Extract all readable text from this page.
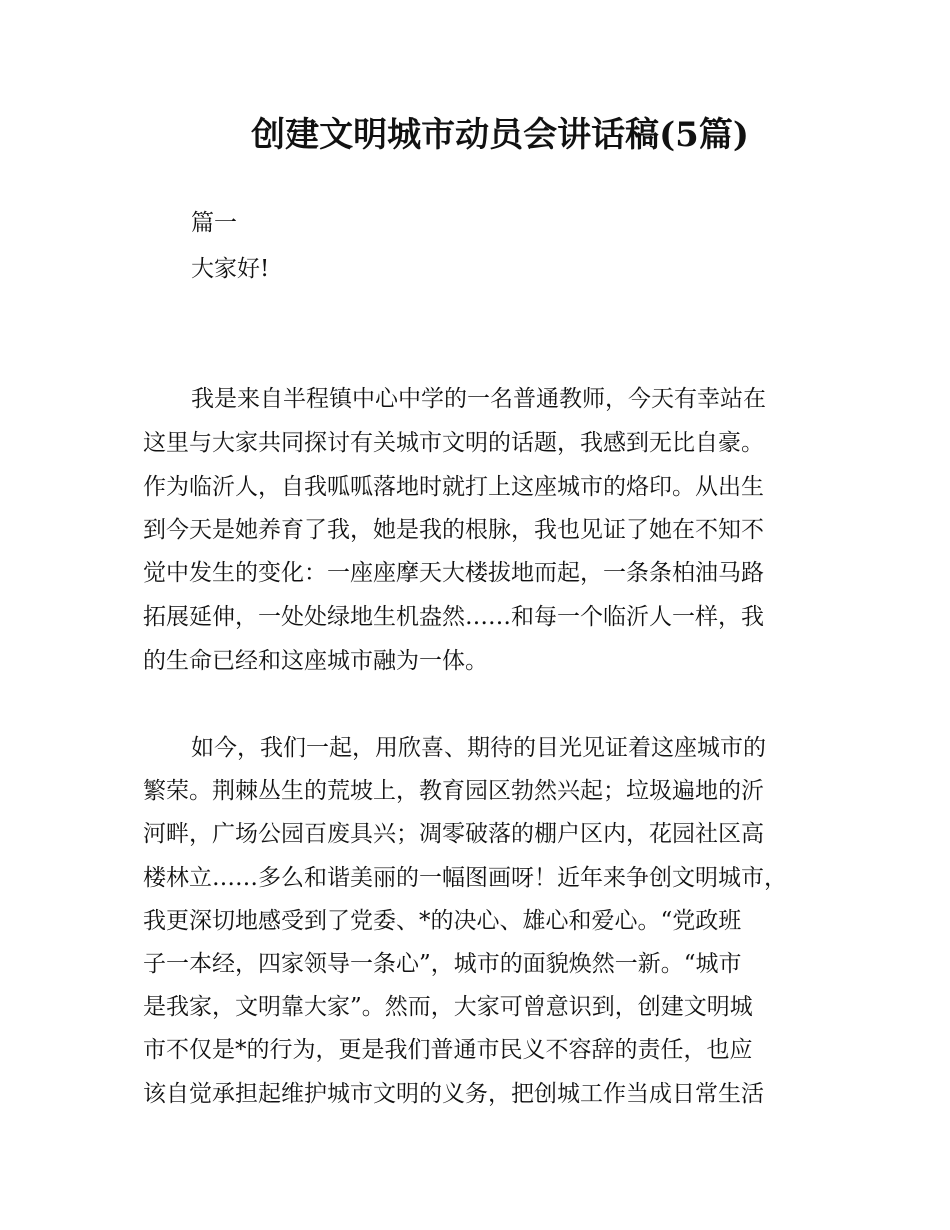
创建文明城市动员会讲话稿(5篇)

篇一

大家好!

我是来自半程镇中心中学的一名普通教师，今天有幸站在

这里与大家共同探讨有关城市文明的话题，我感到无比自豪。

作为临沂人，自我呱呱落地时就打上这座城市的烙印。从出生

到今天是她养育了我，她是我的根脉，我也见证了她在不知不

觉中发生的变化：一座座摩天大楼拔地而起，一条条柏油马路

拓展延伸，一处处绿地生机盎然……和每一个临沂人一样，我

的生命已经和这座城市融为一体。

如今，我们一起，用欣喜、期待的目光见证着这座城市的

繁荣。荆棘丛生的荒坡上，教育园区勃然兴起；垃圾遍地的沂

河畔，广场公园百废具兴；凋零破落的棚户区内，花园社区高

楼林立……多么和谐美丽的一幅图画呀！近年来争创文明城市，

我更深切地感受到了党委、*的决心、雄心和爱心。“党政班

子一本经，四家领导一条心”，城市的面貌焕然一新。“城市

是我家，文明靠大家”。然而，大家可曾意识到，创建文明城

市不仅是*的行为，更是我们普通市民义不容辞的责任，也应

该自觉承担起维护城市文明的义务，把创城工作当成日常生活
